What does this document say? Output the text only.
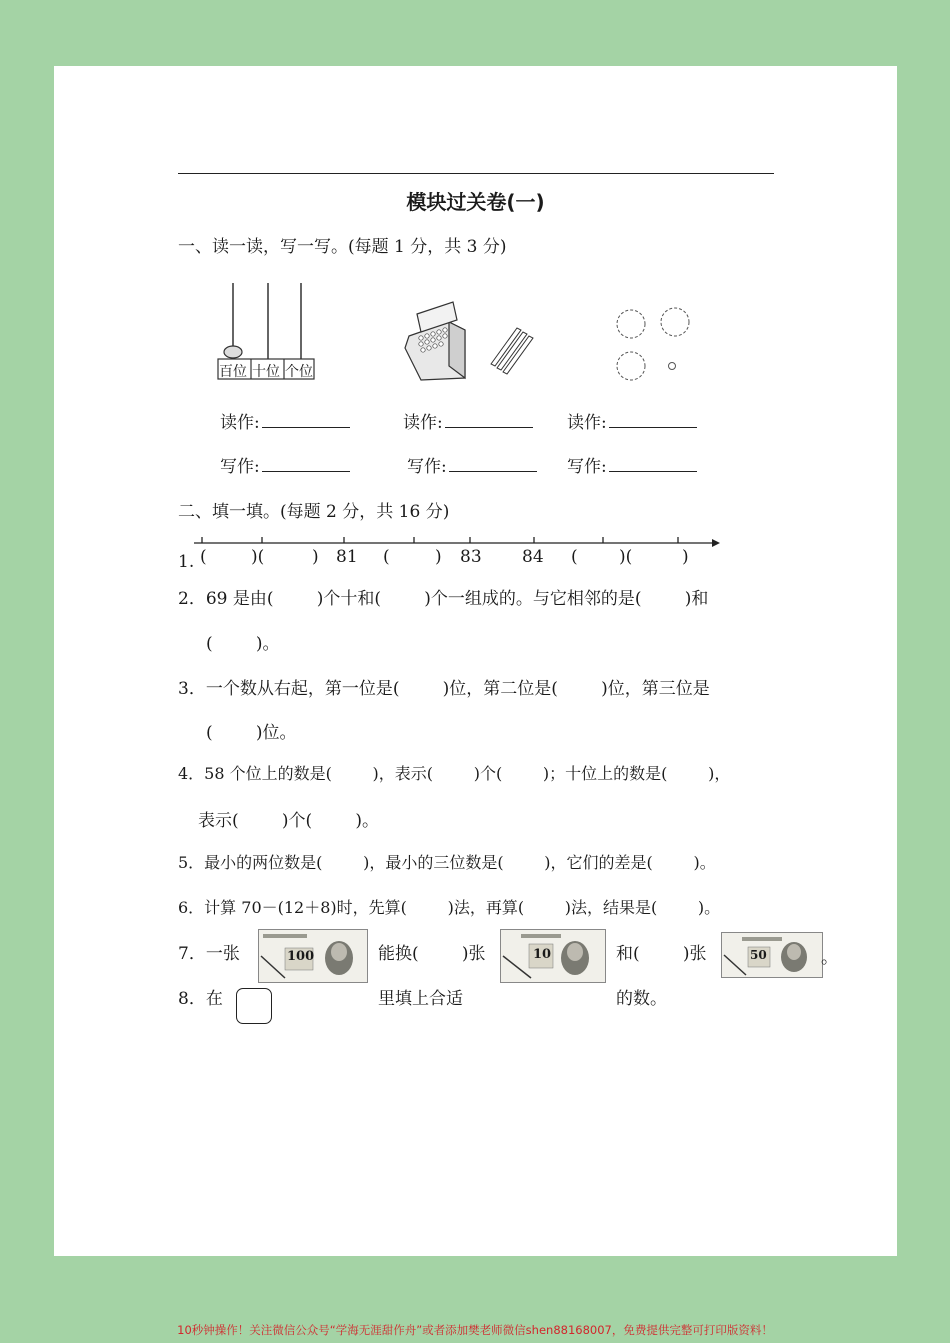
模块过关卷(一)
一、读一读，写一写。(每题 1 分，共 3 分)
百位 十位 个位
读作:	读作:	读作:
写作:	写作:	写作:
二、填一填。(每题 2 分，共 16 分)
1. (	)(	) 81 (	) 83 84 ( )(	)
2．69 是由(        )个十和(        )个一组成的。与它相邻的是(        )和
(        )。
3．一个数从右起，第一位是(        )位，第二位是(        )位，第三位是
(        )位。
4．58 个位上的数是(        )，表示(        )个(        )；十位上的数是(        )，
表示(        )个(        )。
5．最小的两位数是(        )，最小的三位数是(        )，它们的差是(        )。
6．计算 70－(12＋8)时，先算(        )法，再算(        )法，结果是(        )。
7．一张	100	能换(        )张	10	和(        )张	50	。
8．在	里填上合适	的数。
10秒钟操作！关注微信公众号“学海无涯甜作舟”或者添加樊老师微信shen88168007，免费提供完整可打印版资料！
